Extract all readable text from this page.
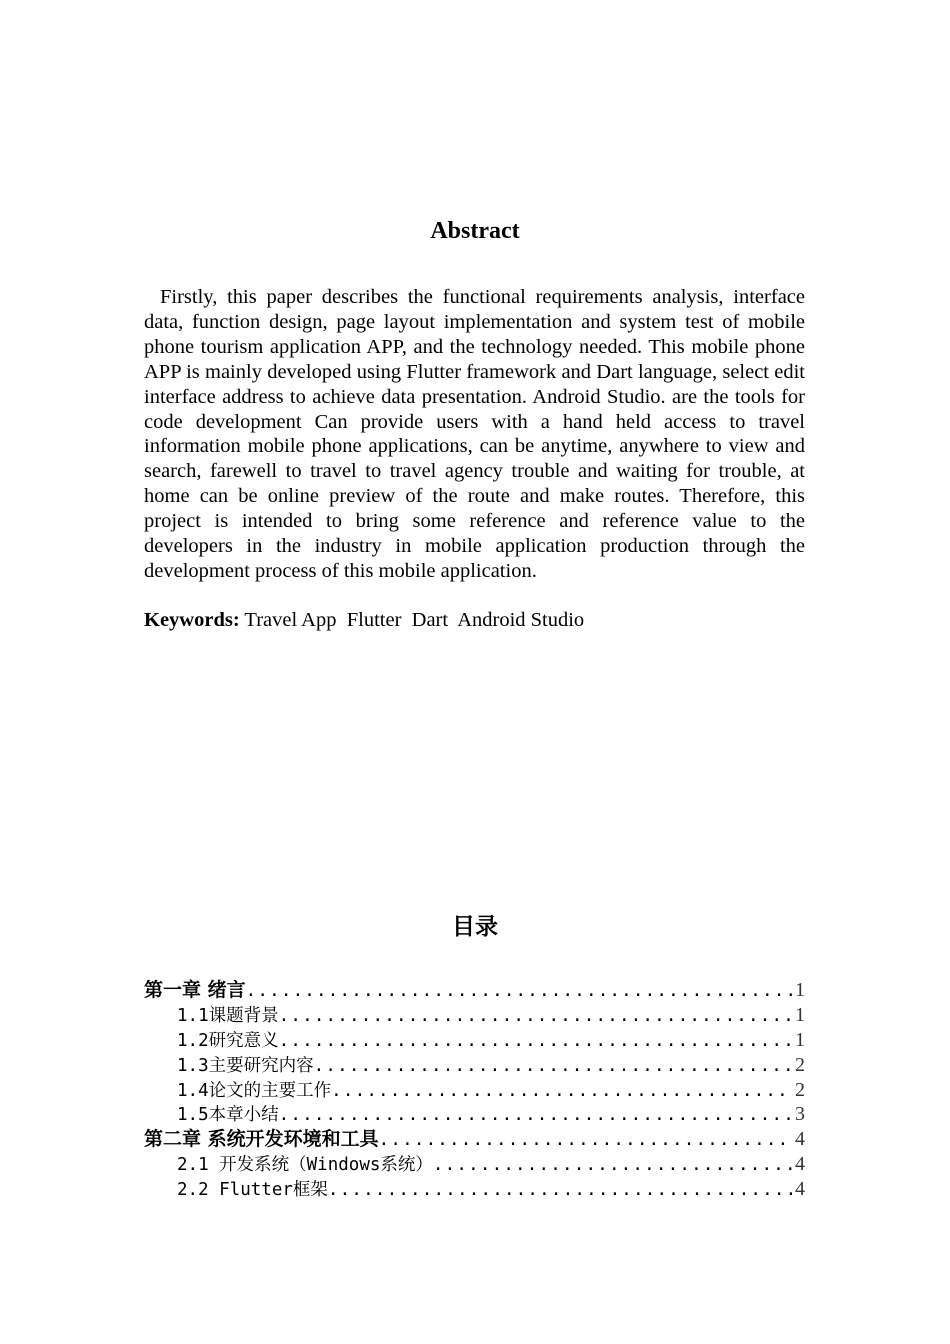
Abstract

Firstly, this paper describes the functional requirements analysis, interface data, function design, page layout implementation and system test of mobile phone tourism application APP, and the technology needed. This mobile phone APP is mainly developed using Flutter framework and Dart language, select edit interface address to achieve data presentation. Android Studio. are the tools for code development Can provide users with a hand held access to travel information mobile phone applications, can be anytime, anywhere to view and search, farewell to travel to travel agency trouble and waiting for trouble, at home can be online preview of the route and make routes. Therefore, this project is intended to bring some reference and reference value to the developers in the industry in mobile application production through the development process of this mobile application.

Keywords: Travel App  Flutter  Dart  Android Studio
目录
第一章 绪言 .....	1
1.1课题背景 .....	1
1.2研究意义 .....	1
1.3主要研究内容 .....	2
1.4论文的主要工作 .....	2
1.5本章小结 .....	3
第二章 系统开发环境和工具 .....	4
2.1 开发系统（Windows系统） .....	4
2.2 Flutter框架 .....	4
